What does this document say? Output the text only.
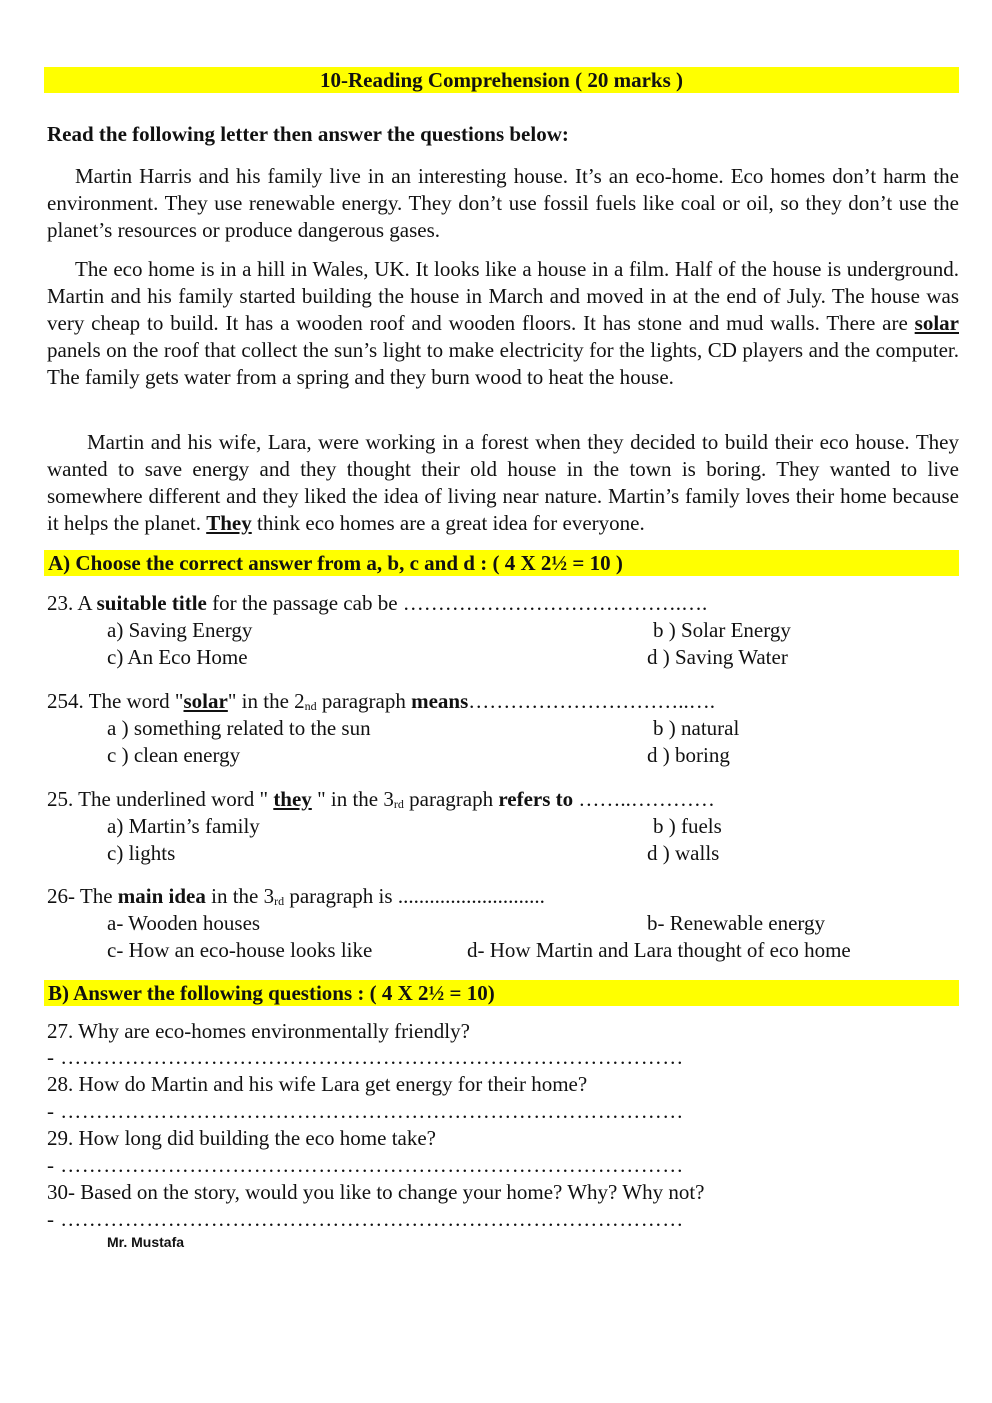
10-Reading Comprehension ( 20 marks )
Read the following letter then answer the questions below:
Martin Harris and his family live in an interesting house. It’s an eco-home. Eco homes don’t harm the environment. They use renewable energy. They don’t use fossil fuels like coal or oil, so they don’t use the planet’s resources or produce dangerous gases.
The eco home is in a hill in Wales, UK. It looks like a house in a film. Half of the house is underground. Martin and his family started building the house in March and moved in at the end of July. The house was very cheap to build. It has a wooden roof and wooden floors. It has stone and mud walls. There are solar panels on the roof that collect the sun’s light to make electricity for the lights, CD players and the computer. The family gets water from a spring and they burn wood to heat the house.
Martin and his wife, Lara, were working in a forest when they decided to build their eco house. They wanted to save energy and they thought their old house in the town is boring. They wanted to live somewhere different and they liked the idea of living near nature. Martin’s family loves their home because it helps the planet. They think eco homes are a great idea for everyone.
A) Choose the correct answer from a, b, c and d : ( 4 X 2½ = 10 )
23. A suitable title for the passage cab be ………………………………….….
a) Saving Energy	b ) Solar Energy
c) An Eco Home	d ) Saving Water
254. The word "solar" in the 2nd paragraph means…………………………..….
a ) something related to the sun	b ) natural
c ) clean energy	d ) boring
25. The underlined word " they " in the 3rd paragraph refers to ……..…………
a) Martin’s family	b ) fuels
c) lights	d ) walls
26- The main idea in the 3rd paragraph is ............................
a- Wooden houses	b- Renewable energy
c- How an eco-house looks like	d- How Martin and Lara thought of eco home
B) Answer the following questions : ( 4 X 2½ = 10)
27. Why are eco-homes environmentally friendly?
- ……………………………………………………………………………
28. How do Martin and his wife Lara get energy for their home?
- ……………………………………………………………………………
29. How long did building the eco home take?
- ……………………………………………………………………………
30- Based on the story, would you like to change your home? Why? Why not?
- ……………………………………………………………………………
Mr. Mustafa
